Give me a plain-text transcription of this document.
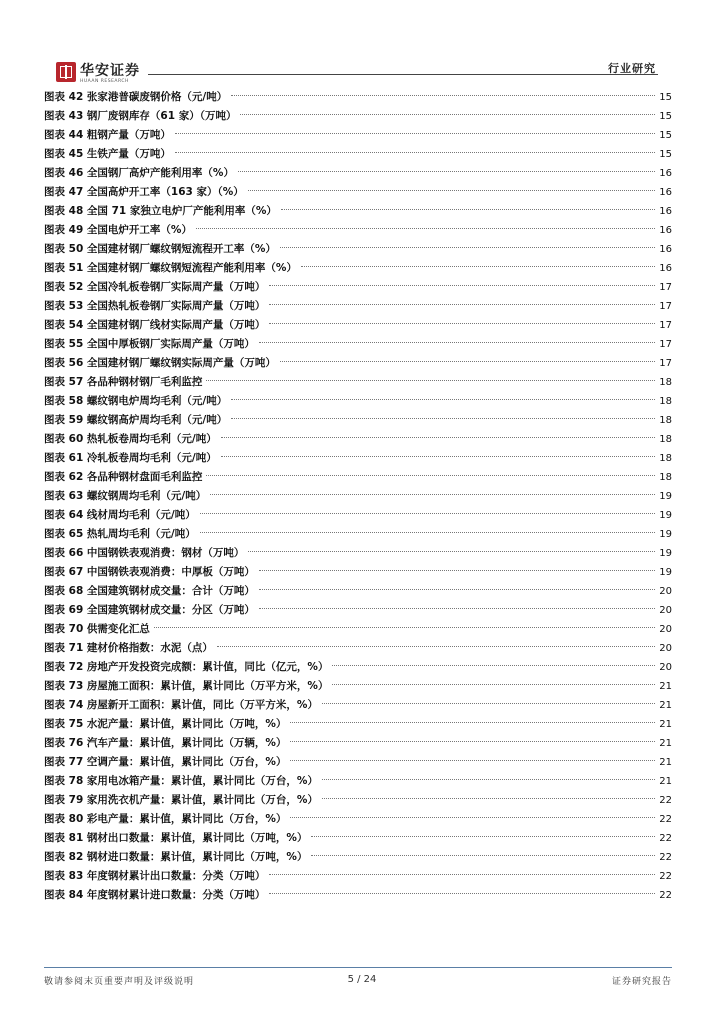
华安证券
HUAAN RESEARCH
行业研究
图表 42 张家港普碳废钢价格（元/吨）	15
图表 43 钢厂废钢库存（61 家）（万吨）	15
图表 44 粗钢产量（万吨）	15
图表 45 生铁产量（万吨）	15
图表 46 全国钢厂高炉产能利用率（%）	16
图表 47 全国高炉开工率（163 家）（%）	16
图表 48 全国 71 家独立电炉厂产能利用率（%）	16
图表 49 全国电炉开工率（%）	16
图表 50 全国建材钢厂螺纹钢短流程开工率（%）	16
图表 51 全国建材钢厂螺纹钢短流程产能利用率（%）	16
图表 52 全国冷轧板卷钢厂实际周产量（万吨）	17
图表 53 全国热轧板卷钢厂实际周产量（万吨）	17
图表 54 全国建材钢厂线材实际周产量（万吨）	17
图表 55 全国中厚板钢厂实际周产量（万吨）	17
图表 56 全国建材钢厂螺纹钢实际周产量（万吨）	17
图表 57 各品种钢材钢厂毛利监控	18
图表 58 螺纹钢电炉周均毛利（元/吨）	18
图表 59 螺纹钢高炉周均毛利（元/吨）	18
图表 60 热轧板卷周均毛利（元/吨）	18
图表 61 冷轧板卷周均毛利（元/吨）	18
图表 62 各品种钢材盘面毛利监控	18
图表 63 螺纹钢周均毛利（元/吨）	19
图表 64 线材周均毛利（元/吨）	19
图表 65 热轧周均毛利（元/吨）	19
图表 66 中国钢铁表观消费：钢材（万吨）	19
图表 67 中国钢铁表观消费：中厚板（万吨）	19
图表 68 全国建筑钢材成交量：合计（万吨）	20
图表 69 全国建筑钢材成交量：分区（万吨）	20
图表 70 供需变化汇总	20
图表 71 建材价格指数：水泥（点）	20
图表 72 房地产开发投资完成额：累计值，同比（亿元，%）	20
图表 73 房屋施工面积：累计值，累计同比（万平方米，%）	21
图表 74 房屋新开工面积：累计值，同比（万平方米，%）	21
图表 75 水泥产量：累计值，累计同比（万吨，%）	21
图表 76 汽车产量：累计值，累计同比（万辆，%）	21
图表 77 空调产量：累计值，累计同比（万台，%）	21
图表 78 家用电冰箱产量：累计值，累计同比（万台，%）	21
图表 79 家用洗衣机产量：累计值，累计同比（万台，%）	22
图表 80 彩电产量：累计值，累计同比（万台，%）	22
图表 81 钢材出口数量：累计值，累计同比（万吨，%）	22
图表 82 钢材进口数量：累计值，累计同比（万吨，%）	22
图表 83 年度钢材累计出口数量：分类（万吨）	22
图表 84 年度钢材累计进口数量：分类（万吨）	22
敬请参阅末页重要声明及评级说明	5 / 24	证券研究报告
